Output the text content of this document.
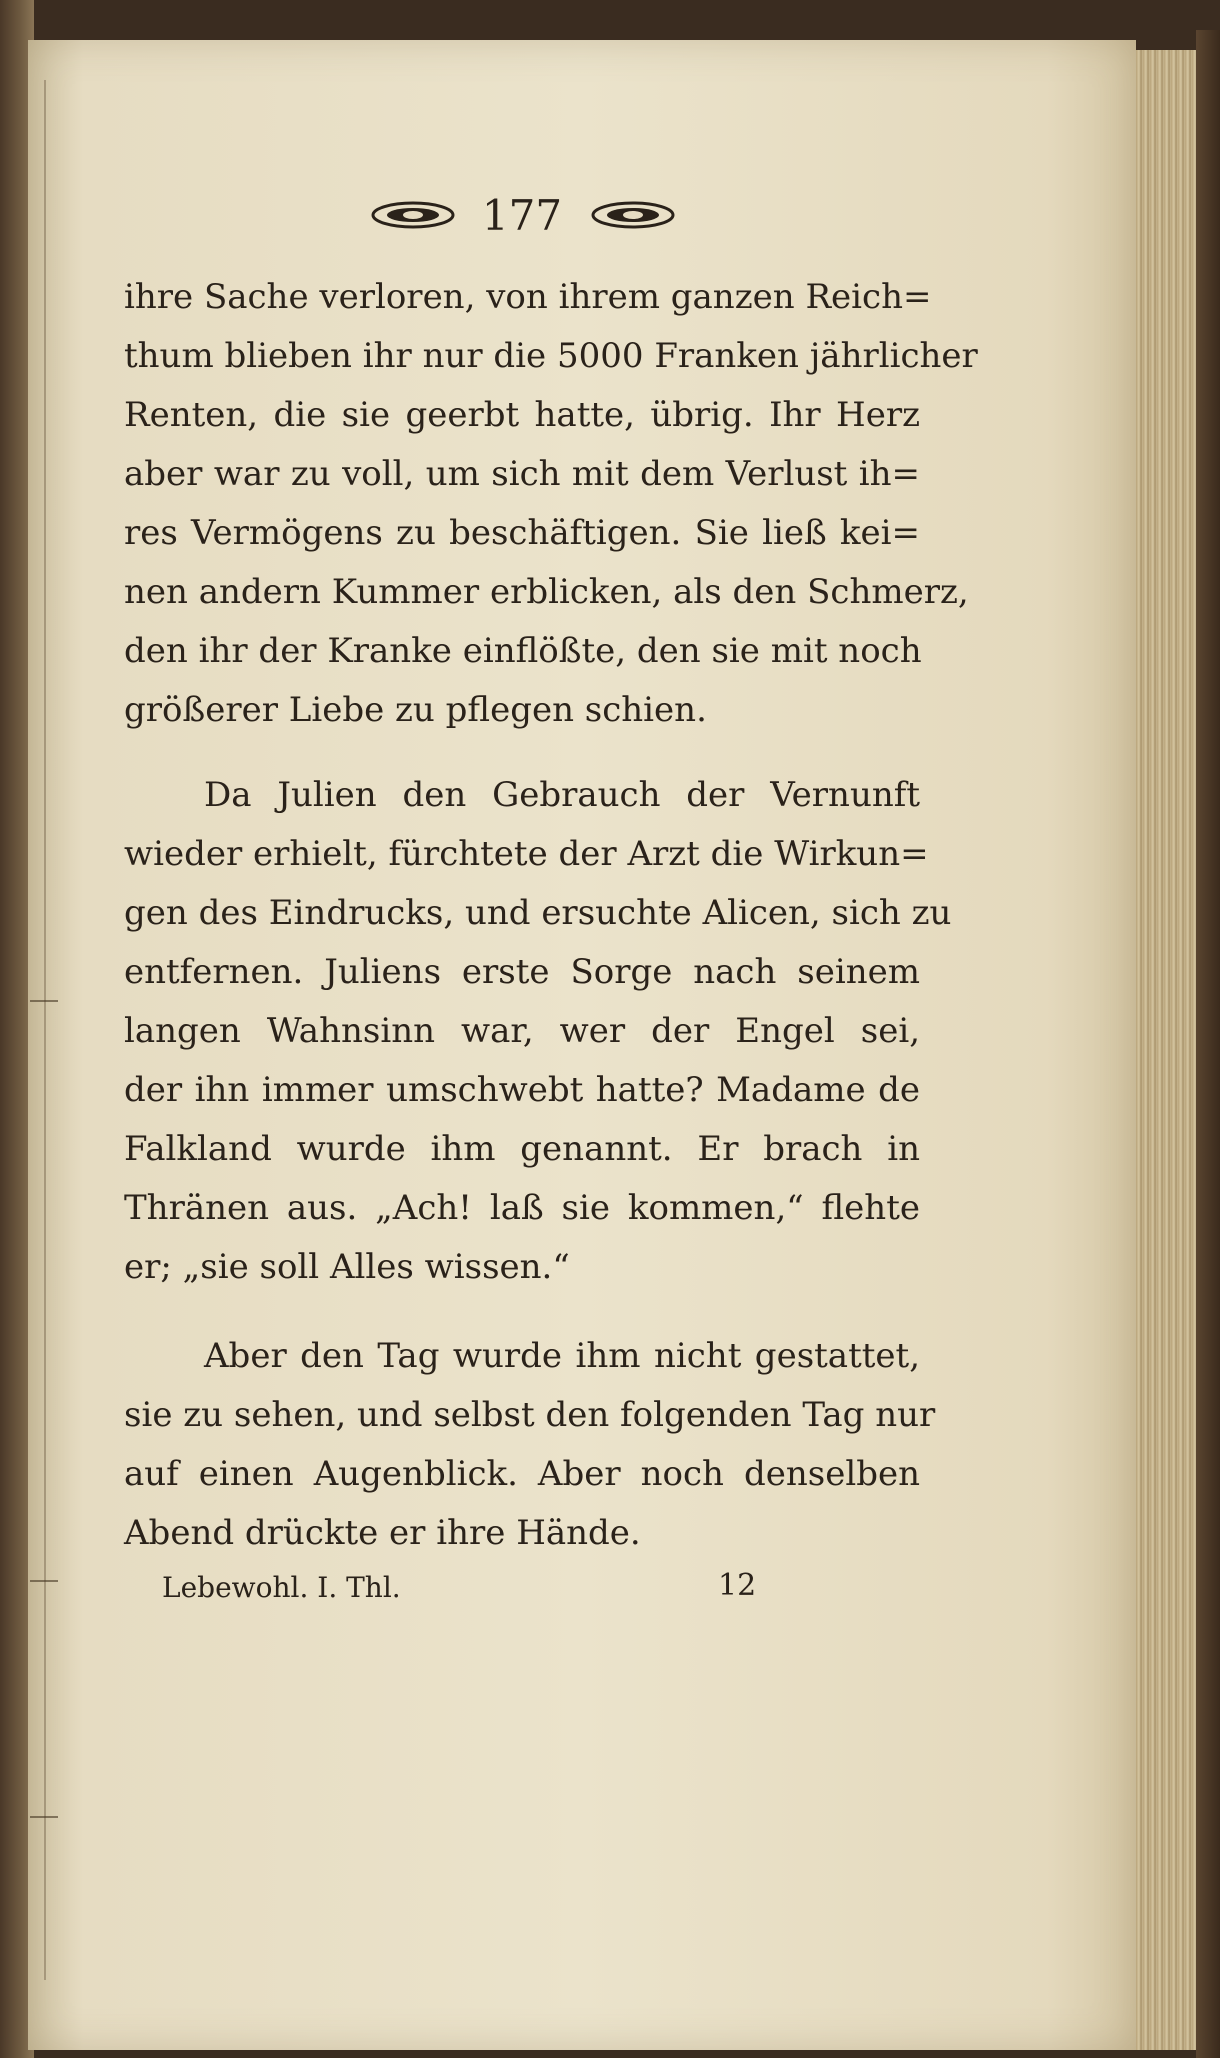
177

ihre Sache verloren, von ihrem ganzen Reich=

thum blieben ihr nur die 5000 Franken jährlicher

Renten, die sie geerbt hatte, übrig. Ihr Herz

aber war zu voll, um sich mit dem Verlust ih=

res Vermögens zu beschäftigen. Sie ließ kei=

nen andern Kummer erblicken, als den Schmerz,

den ihr der Kranke einflößte, den sie mit noch

größerer Liebe zu pflegen schien.

Da Julien den Gebrauch der Vernunft

wieder erhielt, fürchtete der Arzt die Wirkun=

gen des Eindrucks, und ersuchte Alicen, sich zu

entfernen. Juliens erste Sorge nach seinem

langen Wahnsinn war, wer der Engel sei,

der ihn immer umschwebt hatte? Madame de

Falkland wurde ihm genannt. Er brach in

Thränen aus. „Ach! laß sie kommen,“ flehte

er; „sie soll Alles wissen.“

Aber den Tag wurde ihm nicht gestattet,

sie zu sehen, und selbst den folgenden Tag nur

auf einen Augenblick. Aber noch denselben

Abend drückte er ihre Hände.

Lebewohl. I. Thl.	12
